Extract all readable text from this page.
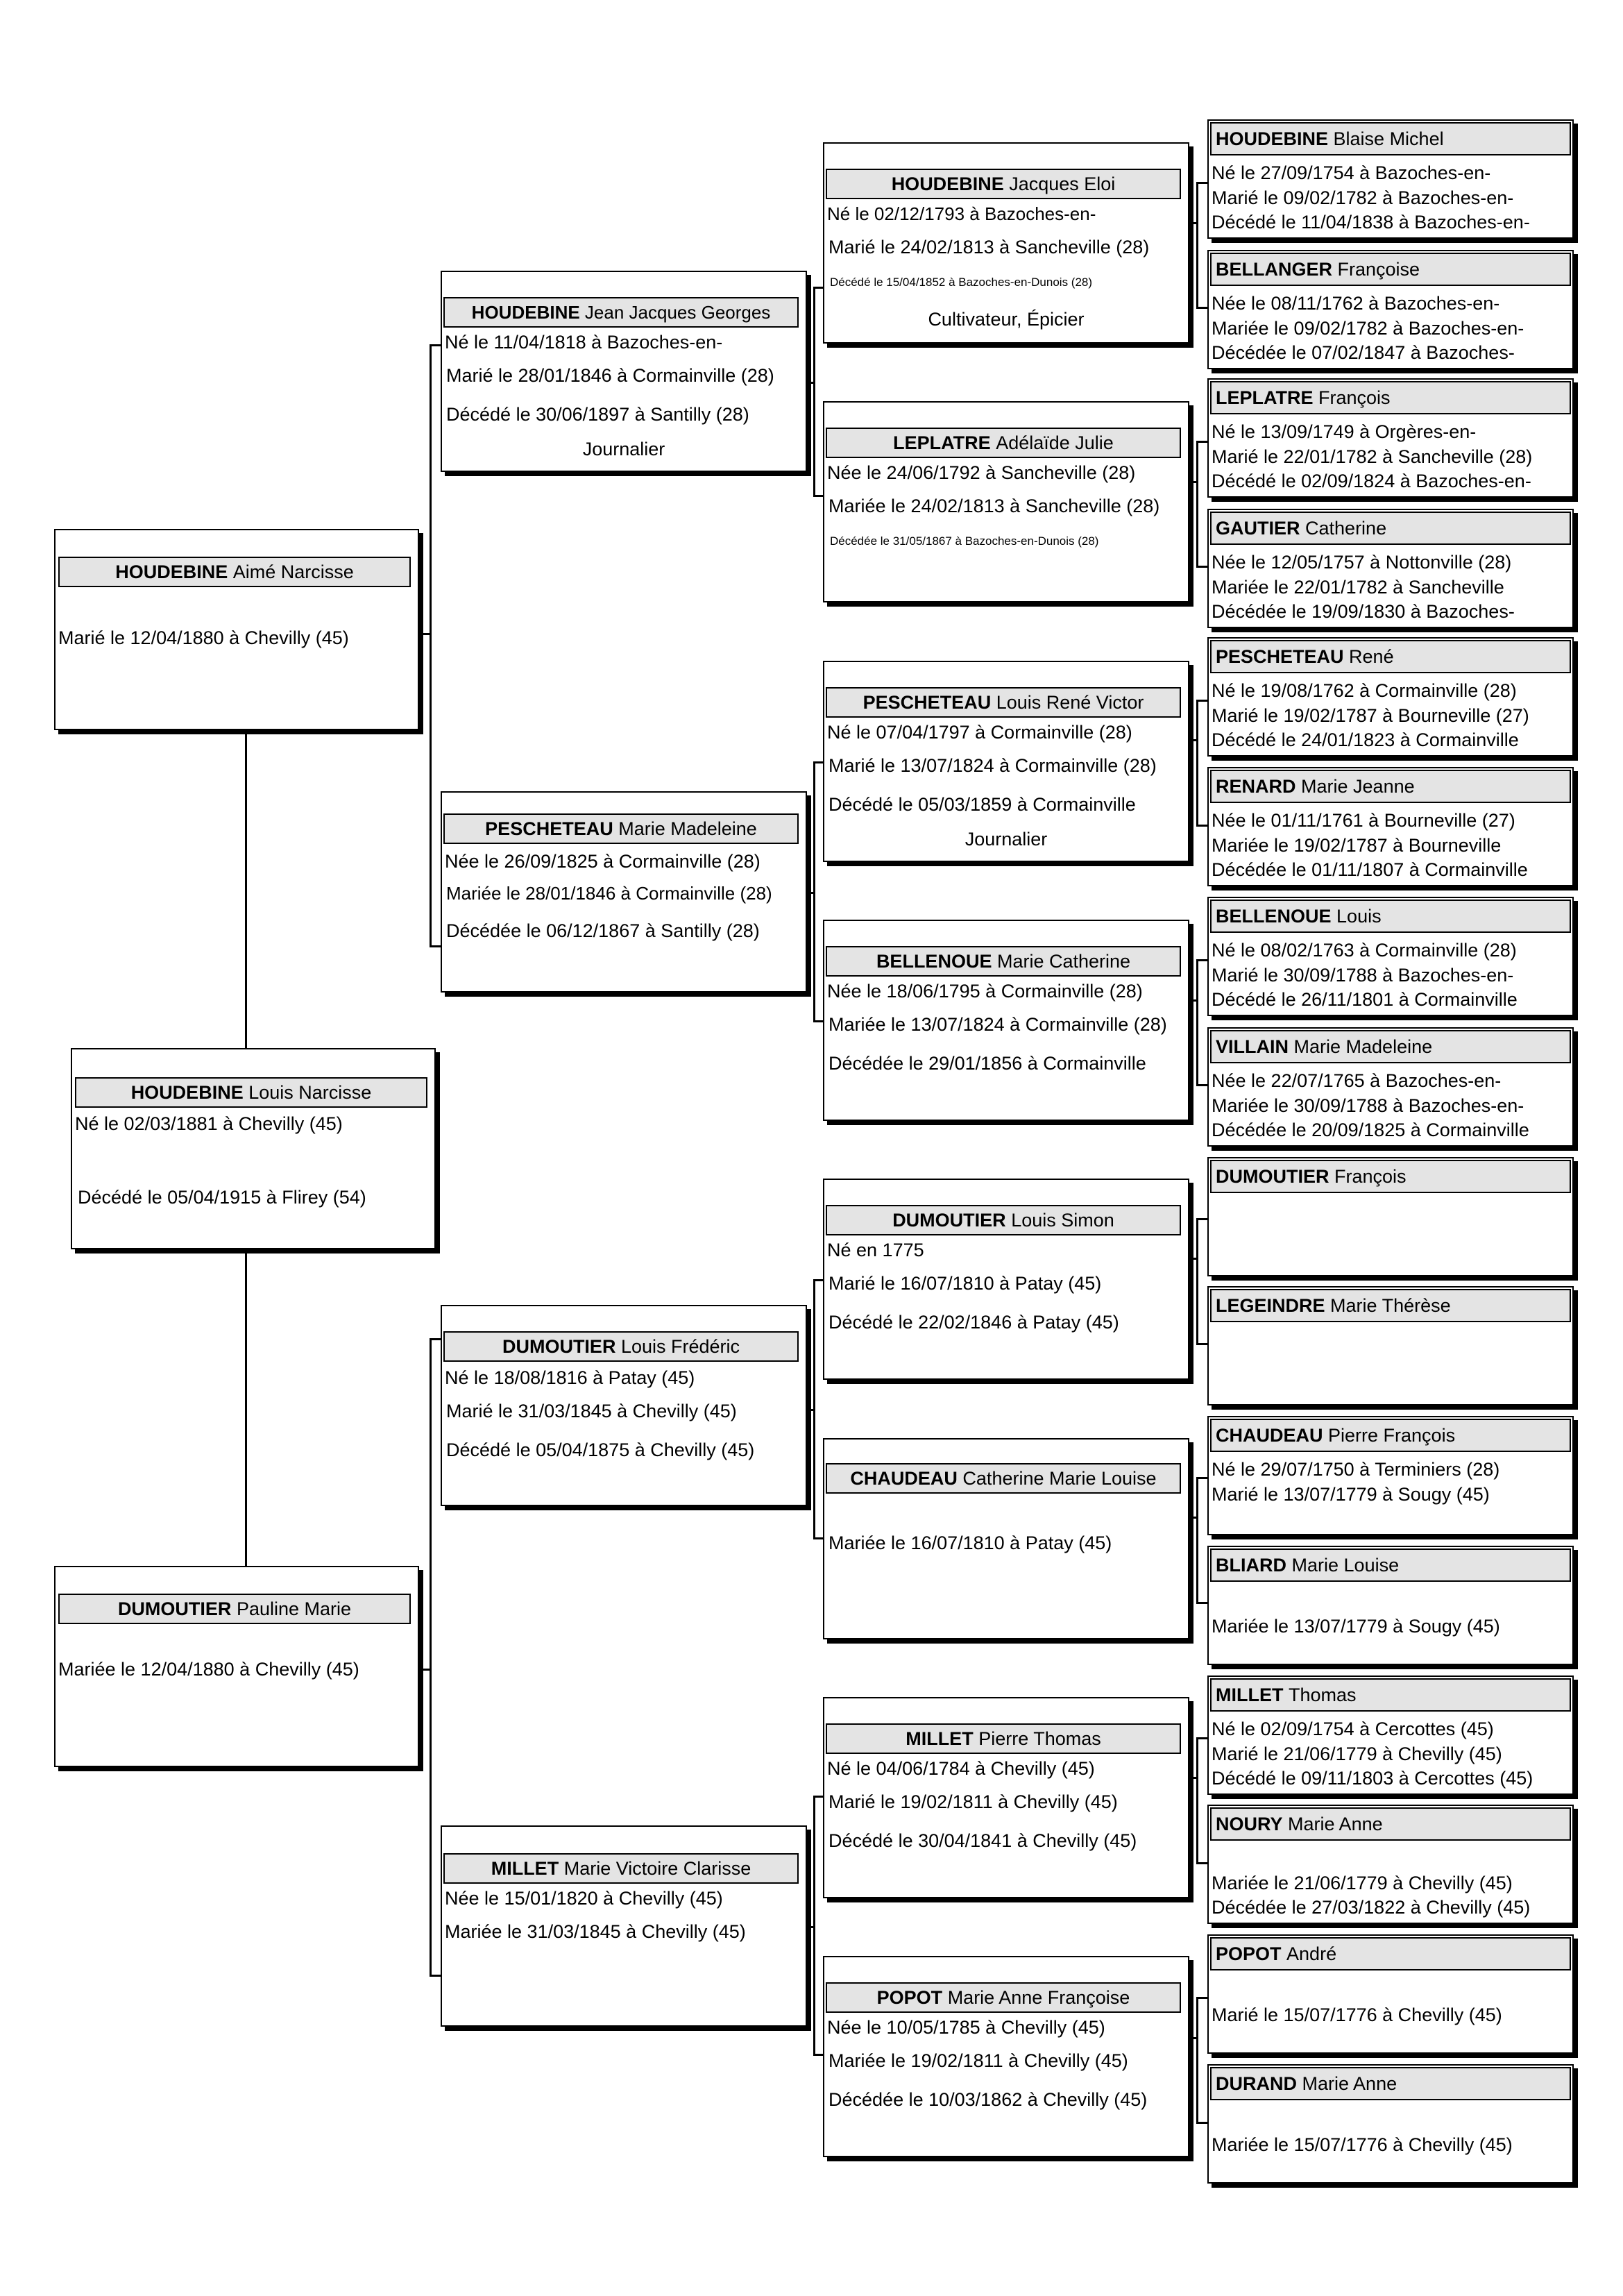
HOUDEBINE
Louis Narcisse
Né le 02/03/1881 à Chevilly (45)
Décédé le 05/04/1915 à Flirey (54)
HOUDEBINE
Aimé Narcisse
Marié le 12/04/1880 à Chevilly (45)
DUMOUTIER
Pauline Marie
Mariée le 12/04/1880 à Chevilly (45)
HOUDEBINE
Jean Jacques Georges
Né le 11/04/1818 à Bazoches-en-
Marié le 28/01/1846 à Cormainville (28)
Décédé le 30/06/1897 à Santilly (28)
Journalier
PESCHETEAU
Marie Madeleine
Née le 26/09/1825 à Cormainville (28)
Mariée le 28/01/1846 à Cormainville (28)
Décédée le 06/12/1867 à Santilly (28)
DUMOUTIER
Louis Frédéric
Né le 18/08/1816 à Patay (45)
Marié le 31/03/1845 à Chevilly (45)
Décédé le 05/04/1875 à Chevilly (45)
MILLET
Marie Victoire Clarisse
Née le 15/01/1820 à Chevilly (45)
Mariée le 31/03/1845 à Chevilly (45)
HOUDEBINE
Jacques Eloi
Né le 02/12/1793 à Bazoches-en-
Marié le 24/02/1813 à Sancheville (28)
Décédé le 15/04/1852 à Bazoches-en-Dunois (28)
Cultivateur, Épicier
LEPLATRE
Adélaïde Julie
Née le 24/06/1792 à Sancheville (28)
Mariée le 24/02/1813 à Sancheville (28)
Décédée le 31/05/1867 à Bazoches-en-Dunois (28)
PESCHETEAU
Louis René Victor
Né le 07/04/1797 à Cormainville (28)
Marié le 13/07/1824 à Cormainville (28)
Décédé le 05/03/1859 à Cormainville
Journalier
BELLENOUE
Marie Catherine
Née le 18/06/1795 à Cormainville (28)
Mariée le 13/07/1824 à Cormainville (28)
Décédée le 29/01/1856 à Cormainville
DUMOUTIER
Louis Simon
Né en 1775
Marié le 16/07/1810 à Patay (45)
Décédé le 22/02/1846 à Patay (45)
CHAUDEAU
Catherine Marie Louise
Mariée le 16/07/1810 à Patay (45)
MILLET
Pierre Thomas
Né le 04/06/1784 à Chevilly (45)
Marié le 19/02/1811 à Chevilly (45)
Décédé le 30/04/1841 à Chevilly (45)
POPOT
Marie Anne Françoise
Née le 10/05/1785 à Chevilly (45)
Mariée le 19/02/1811 à Chevilly (45)
Décédée le 10/03/1862 à Chevilly (45)
HOUDEBINE
Blaise Michel
Né le 27/09/1754 à Bazoches-en-
Marié le 09/02/1782 à Bazoches-en-
Décédé le 11/04/1838 à Bazoches-en-
BELLANGER
Françoise
Née le 08/11/1762 à Bazoches-en-
Mariée le 09/02/1782 à Bazoches-en-
Décédée le 07/02/1847 à Bazoches-
LEPLATRE
François
Né le 13/09/1749 à Orgères-en-
Marié le 22/01/1782 à Sancheville (28)
Décédé le 02/09/1824 à Bazoches-en-
GAUTIER
Catherine
Née le 12/05/1757 à Nottonville (28)
Mariée le 22/01/1782 à Sancheville
Décédée le 19/09/1830 à Bazoches-
PESCHETEAU
René
Né le 19/08/1762 à Cormainville (28)
Marié le 19/02/1787 à Bourneville (27)
Décédé le 24/01/1823 à Cormainville
RENARD
Marie Jeanne
Née le 01/11/1761 à Bourneville (27)
Mariée le 19/02/1787 à Bourneville
Décédée le 01/11/1807 à Cormainville
BELLENOUE
Louis
Né le 08/02/1763 à Cormainville (28)
Marié le 30/09/1788 à Bazoches-en-
Décédé le 26/11/1801 à Cormainville
VILLAIN
Marie Madeleine
Née le 22/07/1765 à Bazoches-en-
Mariée le 30/09/1788 à Bazoches-en-
Décédée le 20/09/1825 à Cormainville
DUMOUTIER
François
LEGEINDRE
Marie Thérèse
CHAUDEAU
Pierre François
Né le 29/07/1750 à Terminiers (28)
Marié le 13/07/1779 à Sougy (45)
BLIARD
Marie Louise
Mariée le 13/07/1779 à Sougy (45)
MILLET
Thomas
Né le 02/09/1754 à Cercottes (45)
Marié le 21/06/1779 à Chevilly (45)
Décédé le 09/11/1803 à Cercottes (45)
NOURY
Marie Anne
Mariée le 21/06/1779 à Chevilly (45)
Décédée le 27/03/1822 à Chevilly (45)
POPOT
André
Marié le 15/07/1776 à Chevilly (45)
DURAND
Marie Anne
Mariée le 15/07/1776 à Chevilly (45)
